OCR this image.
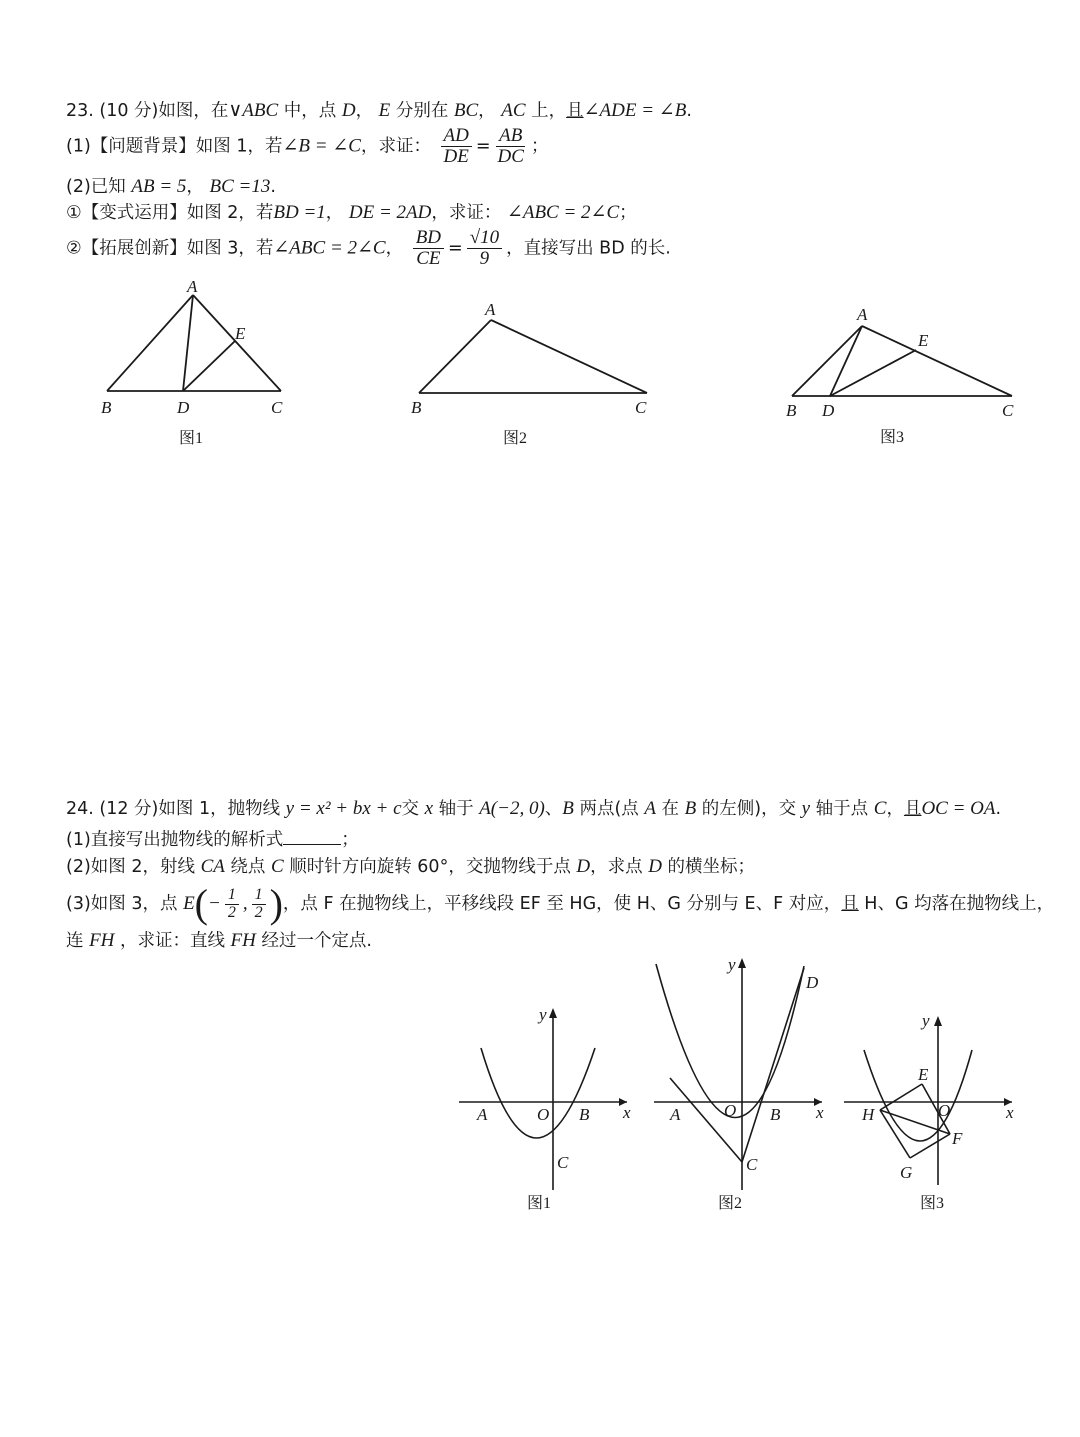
23. (10 分)如图，在∨ABC 中，点 D， E 分别在 BC， AC 上，且∠ADE = ∠B.
(1)【问题背景】如图 1，若∠B = ∠C，求证： $\frac{AD}{DE} = \frac{AB}{DC}$ ；
(2)已知 AB = 5， BC =13.
①【变式运用】如图 2，若BD =1， DE = 2AD，求证： ∠ABC = 2∠C；
②【拓展创新】如图 3，若∠ABC = 2∠C， $\frac{BD}{CE} = \frac{√10}{9}$ ，直接写出 BD 的长.
A
E
B	D	C
图1
A
B	C
图2
A
E
B D	C
图3
24. (12 分)如图 1，抛物线 y = x² + bx + c交 x 轴于 A(−2, 0)、B 两点(点 A 在 B 的左侧)，交 y 轴于点 C，且OC = OA.
(1)直接写出抛物线的解析式	；
(2)如图 2，射线 CA 绕点 C 顺时针方向旋转 60°，交抛物线于点 D，求点 D 的横坐标；
(3)如图 3，点 $E(- \frac{1}{2}$ , $\frac{1}{2}$ )，点 F 在抛物线上，平移线段 EF 至 HG，使 H、G 分别与 E、F 对应，且 H、G 均落在抛物线上，
连 FH ，求证：直线 FH 经过一个定点.
y
x
A	O B
C
图1
y
D
x
A	O B
C
图2
y
E
x
H	O
F
G
图3
